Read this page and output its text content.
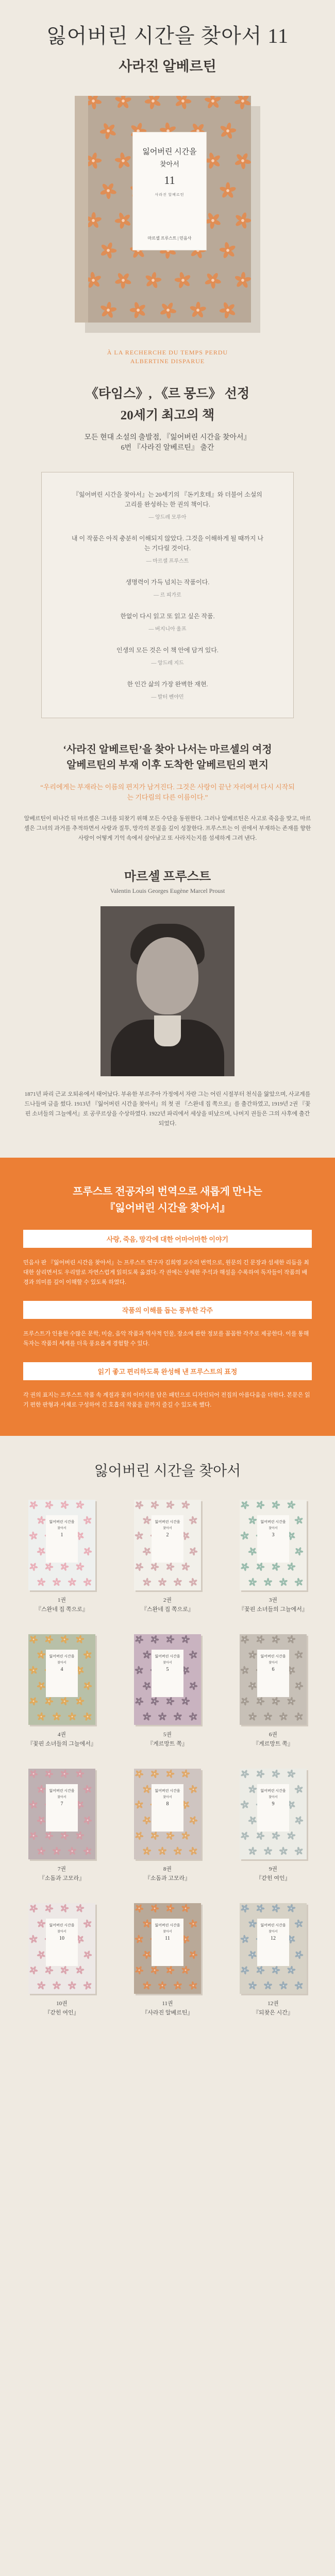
잃어버린 시간을 찾아서 11
사라진 알베르틴
잃어버린 시간을
찾아서
11
사라진 알베르틴
마르셀 프루스트 | 민음사
À LA RECHERCHE DU TEMPS PERDU
ALBERTINE DISPARUE
《타임스》, 《르 몽드》 선정
20세기 최고의 책
모든 현대 소설의 출발점, 『잃어버린 시간을 찾아서』
6번 『사라진 알베르틴』 출간

『잃어버린 시간을 찾아서』는 20세기의 『돈키호테』와 더불어 소설의 고리를 완성하는 한 권의 책이다.
— 앙드레 모루아

내 이 작품은 아직 충분히 이해되지 않았다. 그것을 이해하게 될 때까지 나는 기다릴 것이다.
— 마르셀 프루스트

생명력이 가득 넘치는 작품이다.
— 르 피가로

한없이 다시 읽고 또 읽고 싶은 작품.
— 버지니아 울프

인생의 모든 것은 이 책 안에 담겨 있다.
— 앙드레 지드

한 인간 삶의 가장 완벽한 재현.
— 발터 벤야민

‘사라진 알베르틴’을 찾아 나서는 마르셀의 여정
알베르틴의 부재 이후 도착한 알베르틴의 편지

“우리에게는 부재라는 이름의 편지가 남겨진다. 그것은 사랑이 끝난 자리에서 다시 시작되는 기다림의 다른 이름이다.”

알베르틴이 떠나간 뒤 마르셀은 그녀를 되찾기 위해 모든 수단을 동원한다. 그러나 알베르틴은 사고로 죽음을 맞고, 마르셀은 그녀의 과거를 추적하면서 사랑과 질투, 망각의 본질을 깊이 성찰한다. 프루스트는 이 권에서 부재하는 존재를 향한 사랑이 어떻게 기억 속에서 살아남고 또 사라지는지를 섬세하게 그려 낸다.

마르셀 프루스트
Valentin Louis Georges Eugène Marcel Proust

1871년 파리 근교 오퇴유에서 태어났다. 부유한 부르주아 가정에서 자란 그는 어린 시절부터 천식을 앓았으며, 사교계를 드나들며 글을 썼다. 1913년 『잃어버린 시간을 찾아서』의 첫 권 『스완네 집 쪽으로』를 출간하였고, 1919년 2권 『꽃핀 소녀들의 그늘에서』로 공쿠르상을 수상하였다. 1922년 파리에서 세상을 떠났으며, 나머지 권들은 그의 사후에 출간되었다.

프루스트 전공자의 번역으로 새롭게 만나는
『잃어버린 시간을 찾아서』
사랑, 죽음, 망각에 대한 어마어마한 이야기

민음사 판 『잃어버린 시간을 찾아서』는 프루스트 연구자 김희영 교수의 번역으로, 원문의 긴 문장과 섬세한 리듬을 최대한 살리면서도 우리말로 자연스럽게 읽히도록 옮겼다. 각 권에는 상세한 주석과 해설을 수록하여 독자들이 작품의 배경과 의미를 깊이 이해할 수 있도록 하였다.

작품의 이해를 돕는 풍부한 각주

프루스트가 인용한 수많은 문학, 미술, 음악 작품과 역사적 인물, 장소에 관한 정보를 꼼꼼한 각주로 제공한다. 이를 통해 독자는 작품의 세계를 더욱 풍요롭게 경험할 수 있다.

읽기 좋고 편리하도록 완성해 낸 프루스트의 표정

각 권의 표지는 프루스트 작품 속 계절과 꽃의 이미지를 담은 패턴으로 디자인되어 전집의 아름다움을 더한다. 본문은 읽기 편한 판형과 서체로 구성하여 긴 호흡의 작품을 끝까지 즐길 수 있도록 했다.

잃어버린 시간을 찾아서
잃어버린 시간을
찾아서
1
1권
『스완네 집 쪽으로』
잃어버린 시간을
찾아서
2
2권
『스완네 집 쪽으로』
잃어버린 시간을
찾아서
3
3권
『꽃핀 소녀들의 그늘에서』
잃어버린 시간을
찾아서
4
4권
『꽃핀 소녀들의 그늘에서』
잃어버린 시간을
찾아서
5
5권
『게르망트 쪽』
잃어버린 시간을
찾아서
6
6권
『게르망트 쪽』
잃어버린 시간을
찾아서
7
7권
『소돔과 고모라』
잃어버린 시간을
찾아서
8
8권
『소돔과 고모라』
잃어버린 시간을
찾아서
9
9권
『갇힌 여인』
잃어버린 시간을
찾아서
10
10권
『갇힌 여인』
잃어버린 시간을
찾아서
11
11권
『사라진 알베르틴』
잃어버린 시간을
찾아서
12
12권
『되찾은 시간』
